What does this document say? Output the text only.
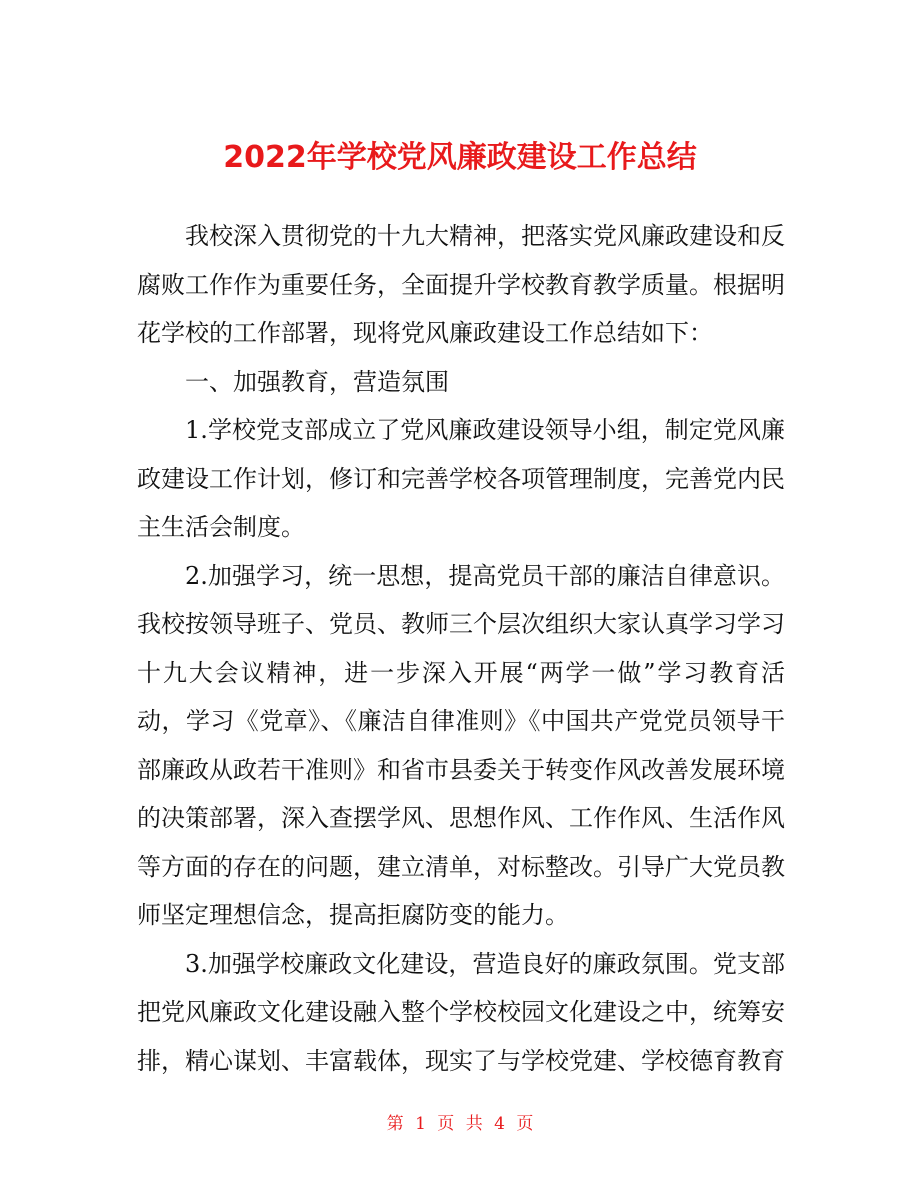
2022年学校党风廉政建设工作总结

我校深入贯彻党的十九大精神，把落实党风廉政建设和反腐败工作作为重要任务，全面提升学校教育教学质量。根据明花学校的工作部署，现将党风廉政建设工作总结如下：

一、加强教育，营造氛围

1.学校党支部成立了党风廉政建设领导小组，制定党风廉政建设工作计划，修订和完善学校各项管理制度，完善党内民主生活会制度。

2.加强学习，统一思想，提高党员干部的廉洁自律意识。我校按领导班子、党员、教师三个层次组织大家认真学习学习十九大会议精神，进一步深入开展“两学一做”学习教育活动，学习《党章》、《廉洁自律准则》《中国共产党党员领导干部廉政从政若干准则》和省市县委关于转变作风改善发展环境的决策部署，深入查摆学风、思想作风、工作作风、生活作风等方面的存在的问题，建立清单，对标整改。引导广大党员教师坚定理想信念，提高拒腐防变的能力。

3.加强学校廉政文化建设，营造良好的廉政氛围。党支部把党风廉政文化建设融入整个学校校园文化建设之中，统筹安排，精心谋划、丰富载体，现实了与学校党建、学校德育教育

第 1 页 共 4 页
